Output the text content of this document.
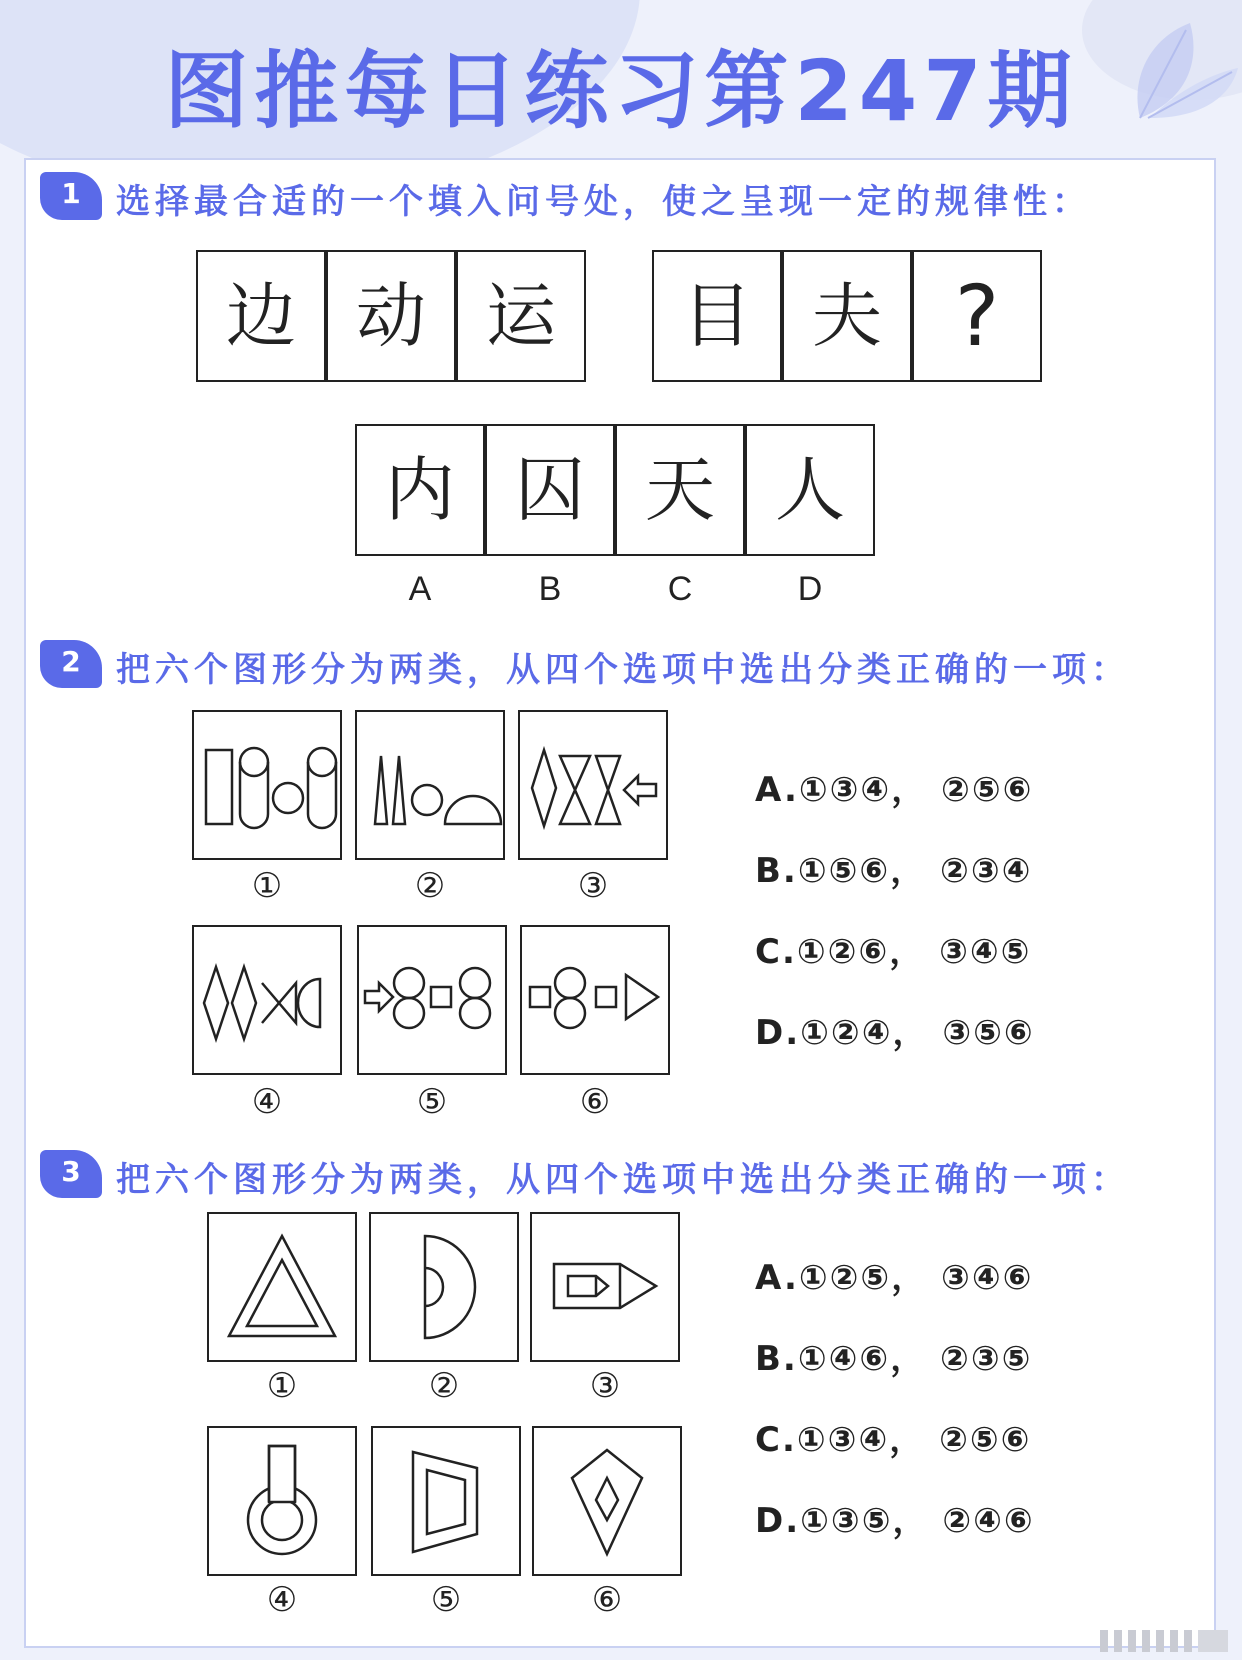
图推每日练习第247期
1	选择最合适的一个填入问号处，使之呈现一定的规律性：
边 动 运	目 夫 ?
内 囚 天 人
A	B	C	D
2	把六个图形分为两类，从四个选项中选出分类正确的一项：
①	②	③
④	⑤	⑥
A.①③④， ②⑤⑥
B.①⑤⑥， ②③④
C.①②⑥， ③④⑤
D.①②④， ③⑤⑥
3	把六个图形分为两类，从四个选项中选出分类正确的一项：
①	②	③
④	⑤	⑥
A.①②⑤， ③④⑥
B.①④⑥， ②③⑤
C.①③④， ②⑤⑥
D.①③⑤， ②④⑥
